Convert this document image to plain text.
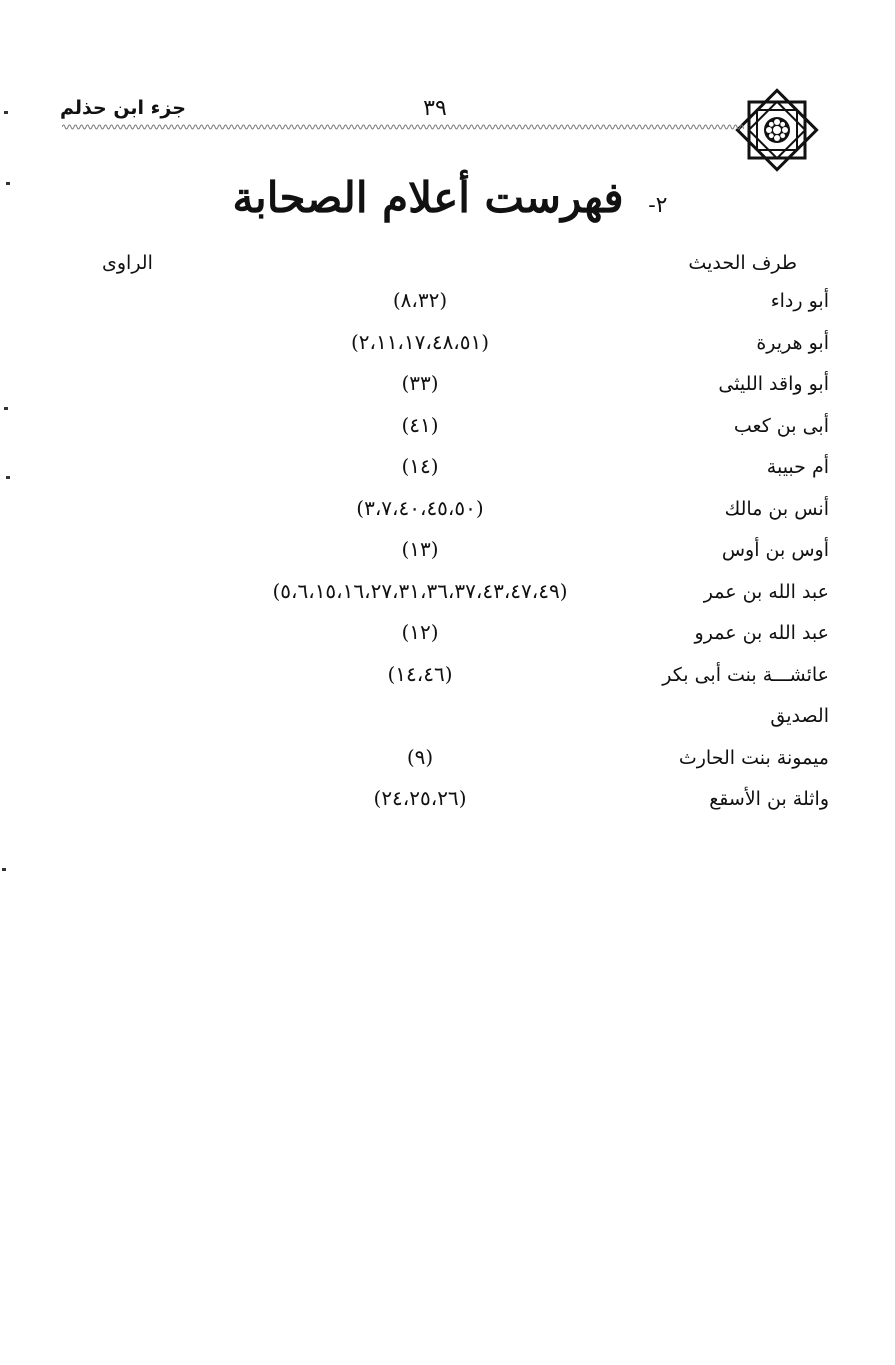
٣٩
جزء ابن حذلم
٢- فهرست أعلام الصحابة
طرف الحديث
الراوى
أبو رداء
(٨،٣٢)
أبو هريرة
(٢،١١،١٧،٤٨،٥١)
أبو واقد الليثى
(٣٣)
أبى بن كعب
(٤١)
أم حبيبة
(١٤)
أنس بن مالك
(٣،٧،٤٠،٤٥،٥٠)
أوس بن أوس
(١٣)
عبد الله بن عمر
(٥،٦،١٥،١٦،٢٧،٣١،٣٦،٣٧،٤٣،٤٧،٤٩)
عبد الله بن عمرو
(١٢)
عائشـــة بنت أبى بكر
(١٤،٤٦)
الصديق
ميمونة بنت الحارث
(٩)
واثلة بن الأسقع
(٢٤،٢٥،٢٦)
